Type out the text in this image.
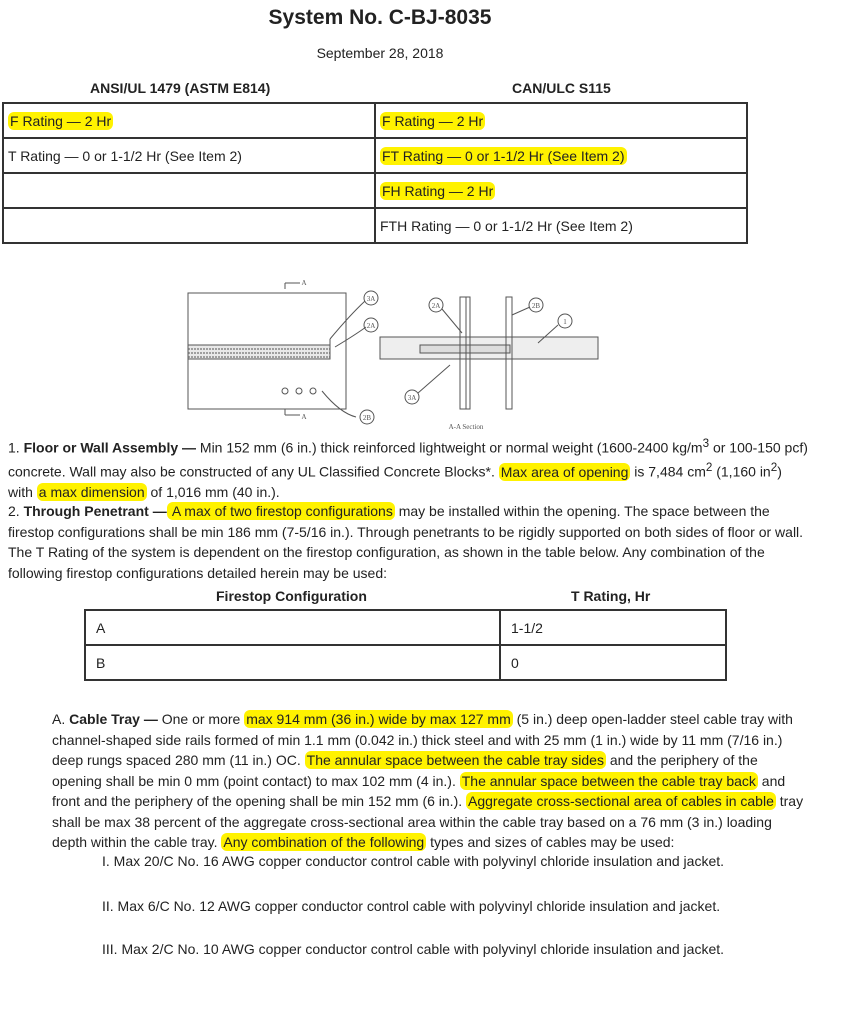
System No. C-BJ-8035
September 28, 2018
ANSI/UL 1479 (ASTM E814)	CAN/ULC S115
F Rating — 2 Hr	F Rating — 2 Hr
T Rating — 0 or 1-1/2 Hr (See Item 2)	FT Rating — 0 or 1-1/2 Hr (See Item 2)
	FH Rating — 2 Hr
	FTH Rating — 0 or 1-1/2 Hr (See Item 2)
A
A
3A
2A
2B
2A	2B
1
3A
A-A Section
1. Floor or Wall Assembly — Min 152 mm (6 in.) thick reinforced lightweight or normal weight (1600-2400 $kg/m^3$ or 100-150 pcf) concrete. Wall may also be constructed of any UL Classified Concrete Blocks*. Max area of opening is 7,484 $cm^2$ (1,160 $in^2$) with a max dimension of 1,016 mm (40 in.).
2. Through Penetrant — A max of two firestop configurations may be installed within the opening. The space between the firestop configurations shall be min 186 mm (7-5/16 in.). Through penetrants to be rigidly supported on both sides of floor or wall. The T Rating of the system is dependent on the firestop configuration, as shown in the table below. Any combination of the following firestop configurations detailed herein may be used:
Firestop Configuration	T Rating, Hr
A	1-1/2
B	0
A. Cable Tray — One or more max 914 mm (36 in.) wide by max 127 mm (5 in.) deep open-ladder steel cable tray with channel-shaped side rails formed of min 1.1 mm (0.042 in.) thick steel and with 25 mm (1 in.) wide by 11 mm (7/16 in.) deep rungs spaced 280 mm (11 in.) OC. The annular space between the cable tray sides and the periphery of the opening shall be min 0 mm (point contact) to max 102 mm (4 in.). The annular space between the cable tray back and front and the periphery of the opening shall be min 152 mm (6 in.). Aggregate cross-sectional area of cables in cable tray shall be max 38 percent of the aggregate cross-sectional area within the cable tray based on a 76 mm (3 in.) loading depth within the cable tray. Any combination of the following types and sizes of cables may be used:
I. Max 20/C No. 16 AWG copper conductor control cable with polyvinyl chloride insulation and jacket.
II. Max 6/C No. 12 AWG copper conductor control cable with polyvinyl chloride insulation and jacket.
III. Max 2/C No. 10 AWG copper conductor control cable with polyvinyl chloride insulation and jacket.
